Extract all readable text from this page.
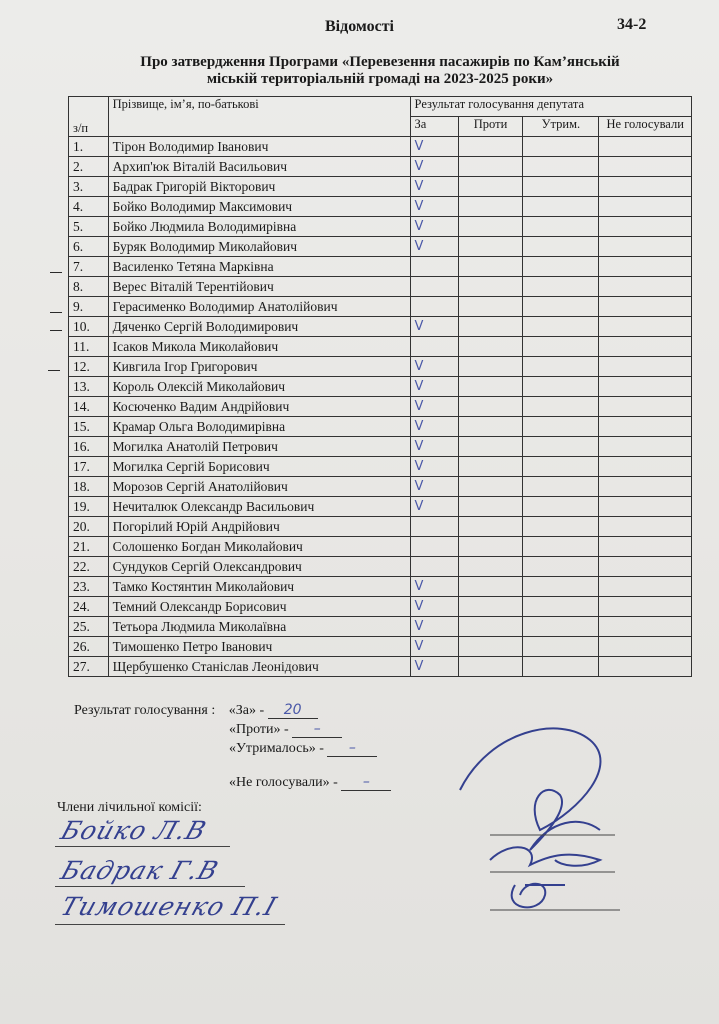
Відомості	34-2
Про затвердження Програми «Перевезення пасажирів по Кам’янській
міській територіальній громаді на 2023-2025 роки»
з/п	Прізвище, ім’я, по-батькові	Результат голосування депутата			
		За	Проти	Утрим.	Не голосували
1.	Тірон Володимир Іванович	V			
2.	Архип'юк Віталій Васильович	V			
3.	Бадрак Григорій Вікторович	V			
4.	Бойко Володимир Максимович	V			
5.	Бойко Людмила Володимирівна	V			
6.	Буряк Володимир Миколайович	V			
7.	Василенко Тетяна Марківна				
8.	Верес Віталій Терентійович				
9.	Герасименко Володимир Анатолійович				
10.	Дяченко Сергій Володимирович	V			
11.	Ісаков Микола Миколайович				
12.	Кивгила Ігор Григорович	V			
13.	Король Олексій Миколайович	V			
14.	Косюченко Вадим Андрійович	V			
15.	Крамар Ольга Володимирівна	V			
16.	Могилка Анатолій Петрович	V			
17.	Могилка Сергій Борисович	V			
18.	Морозов Сергій Анатолійович	V			
19.	Нечиталюк Олександр Васильович	V			
20.	Погорілий Юрій Андрійович				
21.	Солошенко Богдан Миколайович				
22.	Сундуков Сергій Олександрович				
23.	Тамко Костянтин Миколайович	V			
24.	Темний Олександр Борисович	V			
25.	Тетьора Людмила Миколаївна	V			
26.	Тимошенко Петро Іванович	V			
27.	Щербушенко Станіслав Леонідович	V			
Результат голосування : «За» - 20
«Проти» - –
«Утрималось» - –
«Не голосували» - –
Члени лічильної комісії:
Бойко Л.В
Бадрак Г.В
Тимошенко П.І
